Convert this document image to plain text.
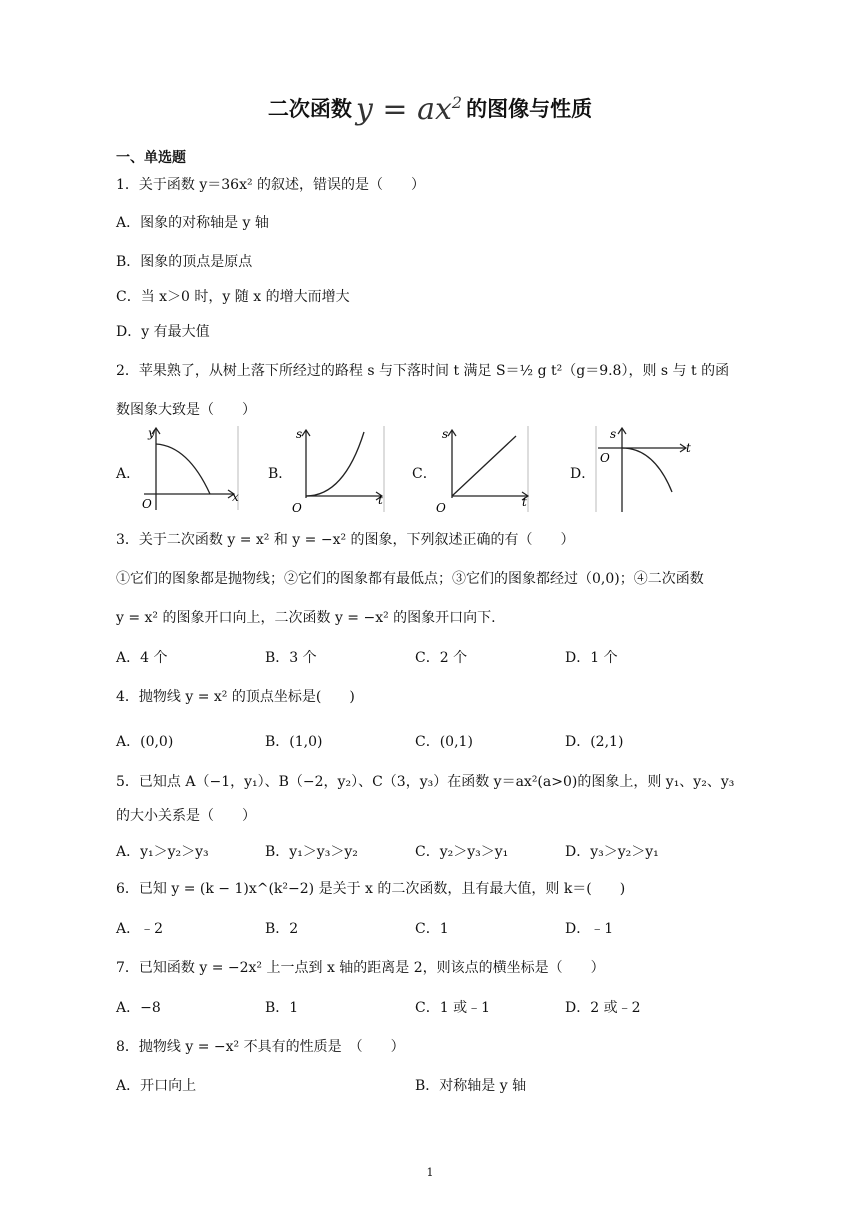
二次函数 $y = ax^2$ 的图像与性质
一、单选题
1．关于函数 y＝36x² 的叙述，错误的是（　　）
A．图象的对称轴是 y 轴
B．图象的顶点是原点
C．当 x＞0 时，y 随 x 的增大而增大
D．y 有最大值
2．苹果熟了，从树上落下所经过的路程 s 与下落时间 t 满足 S＝½ g t²（g＝9.8），则 s 与 t 的函
数图象大致是（　　）
A．
y
x
O
B．
s
t
O
C．
s
t
O
D．
s
t
O
3．关于二次函数 y = x² 和 y = −x² 的图象，下列叙述正确的有（　　）
①它们的图象都是抛物线；②它们的图象都有最低点；③它们的图象都经过（0,0)；④二次函数
y = x² 的图象开口向上，二次函数 y = −x² 的图象开口向下.
A．4 个	B．3 个	C．2 个	D．1 个
4．抛物线 y = x² 的顶点坐标是(　　)
A．(0,0)	B．(1,0)	C．(0,1)	D．(2,1)
5．已知点 A（−1，y₁）、B（−2，y₂）、C（3，y₃）在函数 y＝ax²(a>0)的图象上，则 y₁、y₂、y₃
的大小关系是（　　）
A．y₁＞y₂＞y₃	B．y₁＞y₃＞y₂	C．y₂＞y₃＞y₁	D．y₃＞y₂＞y₁
6．已知 y = (k − 1)x^(k²−2) 是关于 x 的二次函数，且有最大值，则 k＝(　　)
A．﹣2	B．2	C．1	D．﹣1
7．已知函数 y = −2x² 上一点到 x 轴的距离是 2，则该点的横坐标是（　　）
A．−8	B．1	C．1 或﹣1	D．2 或﹣2
8．抛物线 y = −x² 不具有的性质是　（　　）
A．开口向上	B．对称轴是 y 轴
1
